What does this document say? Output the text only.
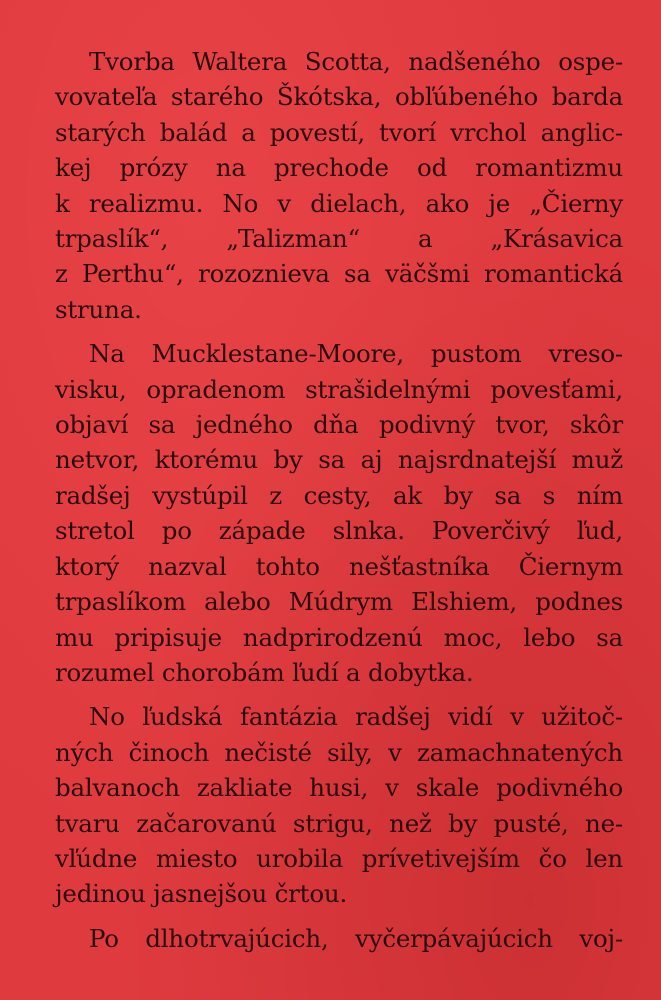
Tvorba Waltera Scotta, nadšeného ospe-
vovateľa starého Škótska, obľúbeného barda
starých balád a povestí, tvorí vrchol anglic-
kej prózy na prechode od romantizmu
k realizmu. No v dielach, ako je „Čierny
trpaslík“, „Talizman“ a „Krásavica
z Perthu“, rozoznieva sa väčšmi romantická
struna.
Na Mucklestane-Moore, pustom vreso-
visku, opradenom strašidelnými povesťami,
objaví sa jedného dňa podivný tvor, skôr
netvor, ktorému by sa aj najsrdnatejší muž
radšej vystúpil z cesty, ak by sa s ním
stretol po západe slnka. Poverčivý ľud,
ktorý nazval tohto nešťastníka Čiernym
trpaslíkom alebo Múdrym Elshiem, podnes
mu pripisuje nadprirodzenú moc, lebo sa
rozumel chorobám ľudí a dobytka.
No ľudská fantázia radšej vidí v užitoč-
ných činoch nečisté sily, v zamachnatených
balvanoch zakliate husi, v skale podivného
tvaru začarovanú strigu, než by pusté, ne-
vľúdne miesto urobila prívetivejším čo len
jedinou jasnejšou črtou.
Po dlhotrvajúcich, vyčerpávajúcich voj-
